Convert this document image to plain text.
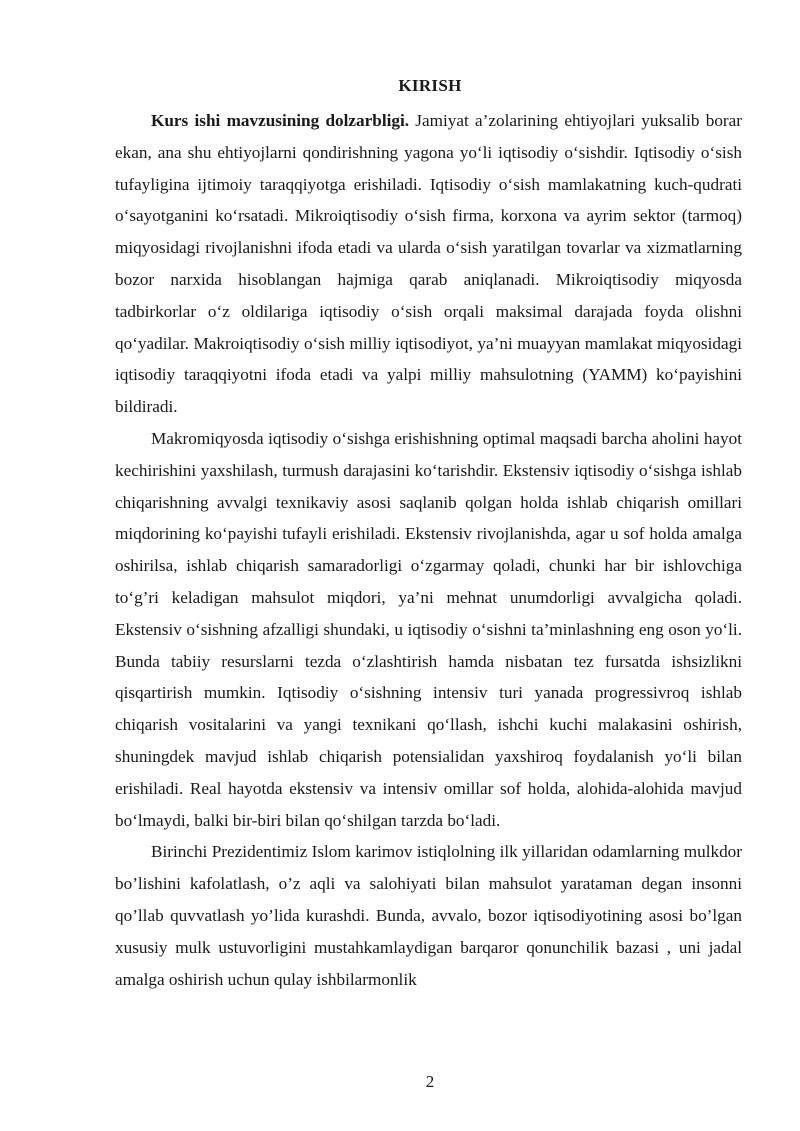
KIRISH

Kurs ishi mavzusining dolzarbligi. Jamiyat a’zolarining ehtiyojlari yuksalib borar ekan, ana shu ehtiyojlarni qondirishning yagona yo‘li iqtisodiy o‘sishdir. Iqtisodiy o‘sish tufayligina ijtimoiy taraqqiyotga erishiladi. Iqtisodiy o‘sish mamlakatning kuch-qudrati o‘sayotganini ko‘rsatadi. Mikroiqtisodiy o‘sish firma, korxona va ayrim sektor (tarmoq) miqyosidagi rivojlanishni ifoda etadi va ularda o‘sish yaratilgan tovarlar va xizmatlarning bozor narxida hisoblangan hajmiga qarab aniqlanadi. Mikroiqtisodiy miqyosda tadbirkorlar o‘z oldilariga iqtisodiy o‘sish orqali maksimal darajada foyda olishni qo‘yadilar. Makroiqtisodiy o‘sish milliy iqtisodiyot, ya’ni muayyan mamlakat miqyosidagi iqtisodiy taraqqiyotni ifoda etadi va yalpi milliy mahsulotning (YAMM) ko‘payishini bildiradi.

Makromiqyosda iqtisodiy o‘sishga erishishning optimal maqsadi barcha aholini hayot kechirishini yaxshilash, turmush darajasini ko‘tarishdir. Ekstensiv iqtisodiy o‘sishga ishlab chiqarishning avvalgi texnikaviy asosi saqlanib qolgan holda ishlab chiqarish omillari miqdorining ko‘payishi tufayli erishiladi. Ekstensiv rivojlanishda, agar u sof holda amalga oshirilsa, ishlab chiqarish samaradorligi o‘zgarmay qoladi, chunki har bir ishlovchiga to‘g’ri keladigan mahsulot miqdori, ya’ni mehnat unumdorligi avvalgicha qoladi. Ekstensiv o‘sishning afzalligi shundaki, u iqtisodiy o‘sishni ta’minlashning eng oson yo‘li. Bunda tabiiy resurslarni tezda o‘zlashtirish hamda nisbatan tez fursatda ishsizlikni qisqartirish mumkin. Iqtisodiy o‘sishning intensiv turi yanada progressivroq ishlab chiqarish vositalarini va yangi texnikani qo‘llash, ishchi kuchi malakasini oshirish, shuningdek mavjud ishlab chiqarish potensialidan yaxshiroq foydalanish yo‘li bilan erishiladi. Real hayotda ekstensiv va intensiv omillar sof holda, alohida-alohida mavjud bo‘lmaydi, balki bir-biri bilan qo‘shilgan tarzda bo‘ladi.

Birinchi Prezidentimiz Islom karimov istiqlolning ilk yillaridan odamlarning mulkdor bo’lishini kafolatlash, o’z aqli va salohiyati bilan mahsulot yarataman degan insonni qo’llab quvvatlash yo’lida kurashdi. Bunda, avvalo, bozor iqtisodiyotining asosi bo’lgan xususiy mulk ustuvorligini mustahkamlaydigan barqaror qonunchilik bazasi , uni jadal amalga oshirish uchun qulay ishbilarmonlik

2
